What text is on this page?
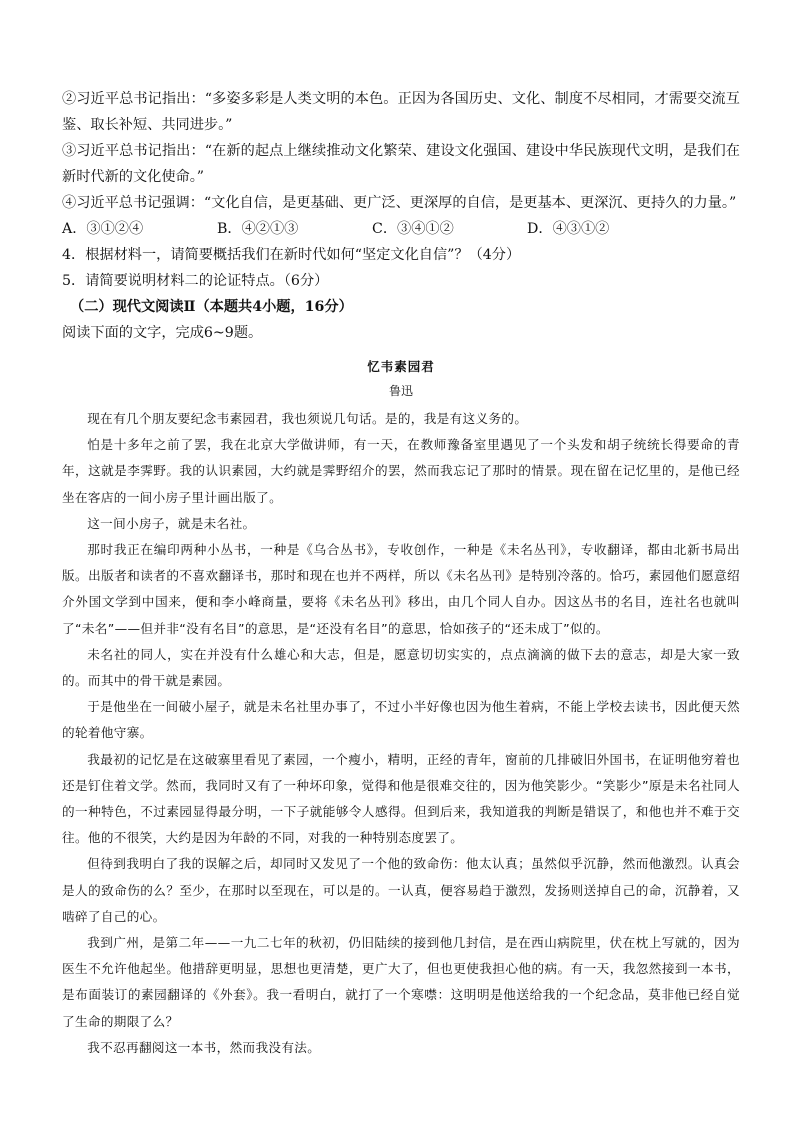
②习近平总书记指出：“多姿多彩是人类文明的本色。正因为各国历史、文化、制度不尽相同，才需要交流互鉴、取长补短、共同进步。”

③习近平总书记指出：“在新的起点上继续推动文化繁荣、建设文化强国、建设中华民族现代文明，是我们在新时代新的文化使命。”

④习近平总书记强调：“文化自信，是更基础、更广泛、更深厚的自信，是更基本、更深沉、更持久的力量。”

A．③①②④	B．④②①③	C．③④①②	D．④③①②

4．根据材料一，请简要概括我们在新时代如何“坚定文化自信”？（4分）

5．请简要说明材料二的论证特点。（6分）

（二）现代文阅读Ⅱ（本题共4小题，16分）

阅读下面的文字，完成6~9题。

忆韦素园君

鲁迅

现在有几个朋友要纪念韦素园君，我也须说几句话。是的，我是有这义务的。

怕是十多年之前了罢，我在北京大学做讲师，有一天，在教师豫备室里遇见了一个头发和胡子统统长得要命的青年，这就是李霁野。我的认识素园，大约就是霁野绍介的罢，然而我忘记了那时的情景。现在留在记忆里的，是他已经坐在客店的一间小房子里计画出版了。

这一间小房子，就是未名社。

那时我正在编印两种小丛书，一种是《乌合丛书》，专收创作，一种是《未名丛刊》，专收翻译，都由北新书局出版。出版者和读者的不喜欢翻译书，那时和现在也并不两样，所以《未名丛刊》是特别冷落的。恰巧，素园他们愿意绍介外国文学到中国来，便和李小峰商量，要将《未名丛刊》移出，由几个同人自办。因这丛书的名目，连社名也就叫了“未名”——但并非“没有名目”的意思，是“还没有名目”的意思，恰如孩子的“还未成丁”似的。

未名社的同人，实在并没有什么雄心和大志，但是，愿意切切实实的，点点滴滴的做下去的意志，却是大家一致的。而其中的骨干就是素园。

于是他坐在一间破小屋子，就是未名社里办事了，不过小半好像也因为他生着病，不能上学校去读书，因此便天然的轮着他守寨。

我最初的记忆是在这破寨里看见了素园，一个瘦小，精明，正经的青年，窗前的几排破旧外国书，在证明他穷着也还是钉住着文学。然而，我同时又有了一种坏印象，觉得和他是很难交往的，因为他笑影少。“笑影少”原是未名社同人的一种特色，不过素园显得最分明，一下子就能够令人感得。但到后来，我知道我的判断是错误了，和他也并不难于交往。他的不很笑，大约是因为年龄的不同，对我的一种特别态度罢了。

但待到我明白了我的误解之后，却同时又发见了一个他的致命伤：他太认真；虽然似乎沉静，然而他激烈。认真会是人的致命伤的么？至少，在那时以至现在，可以是的。一认真，便容易趋于激烈，发扬则送掉自己的命，沉静着，又啮碎了自己的心。

我到广州，是第二年——一九二七年的秋初，仍旧陆续的接到他几封信，是在西山病院里，伏在枕上写就的，因为医生不允许他起坐。他措辞更明显，思想也更清楚，更广大了，但也更使我担心他的病。有一天，我忽然接到一本书，是布面装订的素园翻译的《外套》。我一看明白，就打了一个寒噤：这明明是他送给我的一个纪念品，莫非他已经自觉了生命的期限了么？

我不忍再翻阅这一本书，然而我没有法。
